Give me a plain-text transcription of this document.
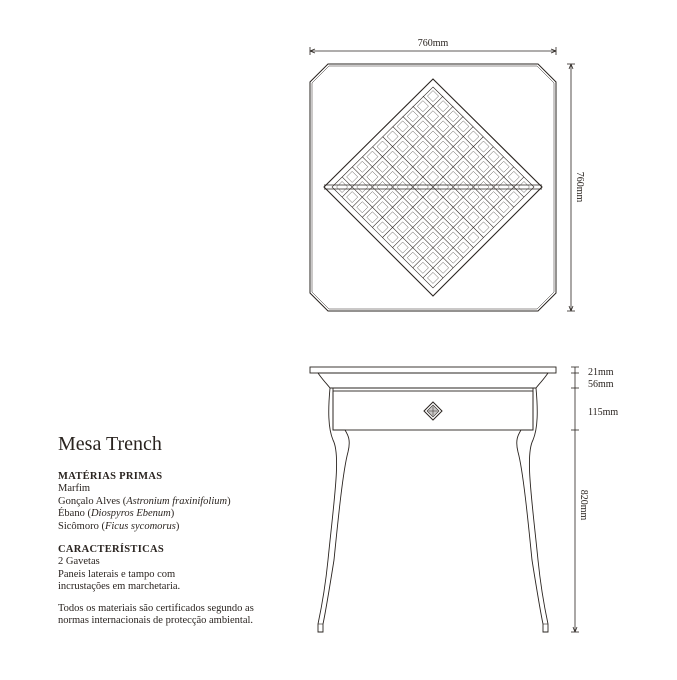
760mm
760mm
21mm
56mm
115mm
820mm
Mesa Trench
MATÉRIAS PRIMAS
Marfim
Gonçalo Alves (Astronium fraxinifolium)
Ébano (Diospyros Ebenum)
Sicômoro (Ficus sycomorus)
CARACTERÍSTICAS
2 Gavetas
Paneis laterais e tampo com
incrustações em marchetaria.
Todos os materiais são certificados segundo as
normas internacionais de protecção ambiental.
